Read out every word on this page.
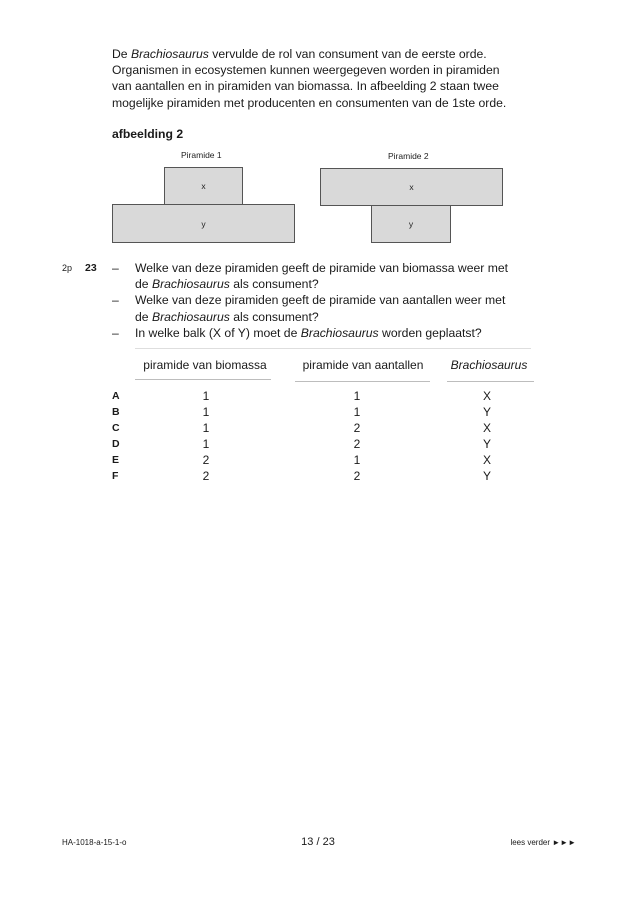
De Brachiosaurus vervulde de rol van consument van de eerste orde.

Organismen in ecosystemen kunnen weergegeven worden in piramiden

van aantallen en in piramiden van biomassa. In afbeelding 2 staan twee

mogelijke piramiden met producenten en consumenten van de 1ste orde.

afbeelding 2
Piramide 1
x
y
Piramide 2
x
y
2p 23 –	Welke van deze piramiden geeft de piramide van biomassa weer met
de Brachiosaurus als consument?
–	Welke van deze piramiden geeft de piramide van aantallen weer met
de Brachiosaurus als consument?
–	In welke balk (X of Y) moet de Brachiosaurus worden geplaatst?
piramide van biomassa	piramide van aantallen	Brachiosaurus
A	1	1	X
B	1	1	Y
C	1	2	X
D	1	2	Y
E	2	1	X
F	2	2	Y
HA-1018-a-15-1-o	13 / 23	lees verder ►►►
